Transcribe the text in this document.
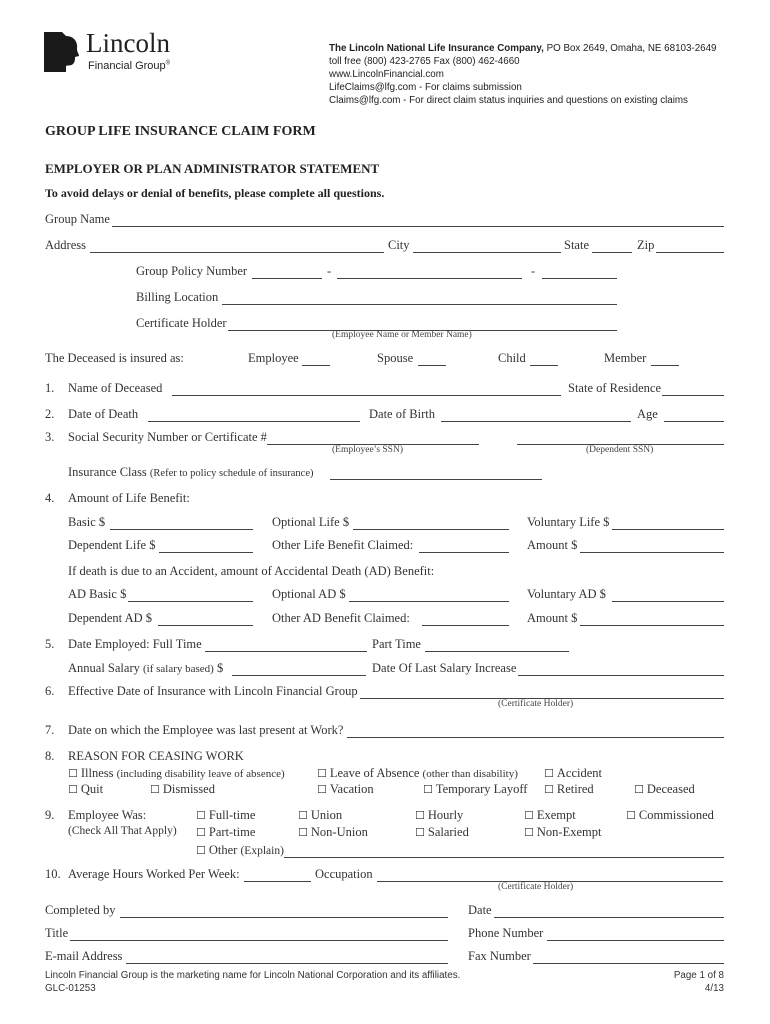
Lincoln
Financial Group®
The Lincoln National Life Insurance Company, PO Box 2649, Omaha, NE 68103-2649
toll free (800) 423-2765 Fax (800) 462-4660
www.LincolnFinancial.com
LifeClaims@lfg.com - For claims submission
Claims@lfg.com - For direct claim status inquiries and questions on existing claims
GROUP LIFE INSURANCE CLAIM FORM
EMPLOYER OR PLAN ADMINISTRATOR STATEMENT
To avoid delays or denial of benefits, please complete all questions.
Group Name
Address	City	State	Zip
Group Policy Number	-	-
Billing Location
Certificate Holder
(Employee Name or Member Name)
The Deceased is insured as:	Employee	Spouse	Child	Member
1. Name of Deceased	State of Residence
2. Date of Death	Date of Birth	Age
3. Social Security Number or Certificate #
(Employee’s SSN)	(Dependent SSN)
Insurance Class (Refer to policy schedule of insurance)
4. Amount of Life Benefit:
Basic $	Optional Life $	Voluntary Life $
Dependent Life $	Other Life Benefit Claimed:	Amount $
If death is due to an Accident, amount of Accidental Death (AD) Benefit:
AD Basic $	Optional AD $	Voluntary AD $
Dependent AD $	Other AD Benefit Claimed:	Amount $
5. Date Employed: Full Time	Part Time
Annual Salary (if salary based) $	Date Of Last Salary Increase
6. Effective Date of Insurance with Lincoln Financial Group
(Certificate Holder)
7. Date on which the Employee was last present at Work?
8. REASON FOR CEASING WORK
☐ Illness (including disability leave of absence)	☐ Leave of Absence (other than disability) ☐ Accident
☐ Quit	☐ Dismissed	☐ Vacation	☐ Temporary Layoff ☐ Retired	☐ Deceased
9. Employee Was:
(Check All That Apply)
☐ Full-time	☐ Union	☐ Hourly	☐ Exempt	☐ Commissioned
☐ Part-time	☐ Non-Union	☐ Salaried	☐ Non-Exempt
☐ Other (Explain)
10. Average Hours Worked Per Week:	Occupation
(Certificate Holder)
Completed by	Date
Title	Phone Number
E-mail Address	Fax Number
Lincoln Financial Group is the marketing name for Lincoln National Corporation and its affiliates.
GLC-01253
Page 1 of 8
4/13
